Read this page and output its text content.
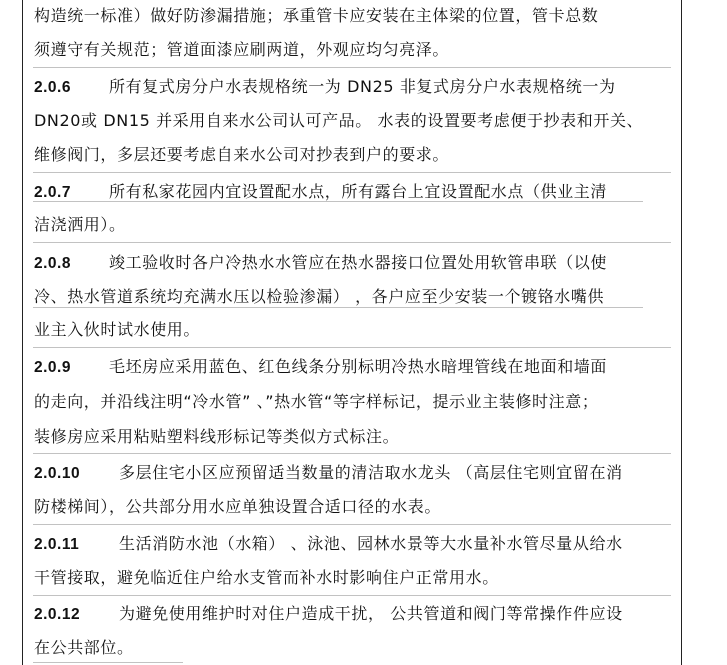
构造统一标准）做好防渗漏措施；承重管卡应安装在主体梁的位置，管卡总数
须遵守有关规范；管道面漆应刷两道，外观应均匀亮泽。
2.0.6 所有复式房分户水表规格统一为 DN25 非复式房分户水表规格统一为
DN20或 DN15 并采用自来水公司认可产品。 水表的设置要考虑便于抄表和开关、
维修阀门，多层还要考虑自来水公司对抄表到户的要求。
2.0.7 所有私家花园内宜设置配水点，所有露台上宜设置配水点（供业主清
洁浇洒用）。
2.0.8 竣工验收时各户冷热水水管应在热水器接口位置处用软管串联（以使
冷、热水管道系统均充满水压以检验渗漏） ，各户应至少安装一个镀铬水嘴供
业主入伙时试水使用。
2.0.9 毛坯房应采用蓝色、红色线条分别标明冷热水暗埋管线在地面和墙面
的走向，并沿线注明“冷水管” 、”热水管“等字样标记，提示业主装修时注意；
装修房应采用粘贴塑料线形标记等类似方式标注。
2.0.10 多层住宅小区应预留适当数量的清洁取水龙头 （高层住宅则宜留在消
防楼梯间），公共部分用水应单独设置合适口径的水表。
2.0.11 生活消防水池（水箱） 、泳池、园林水景等大水量补水管尽量从给水
干管接取，避免临近住户给水支管而补水时影响住户正常用水。
2.0.12 为避免使用维护时对住户造成干扰， 公共管道和阀门等常操作件应设
在公共部位。
